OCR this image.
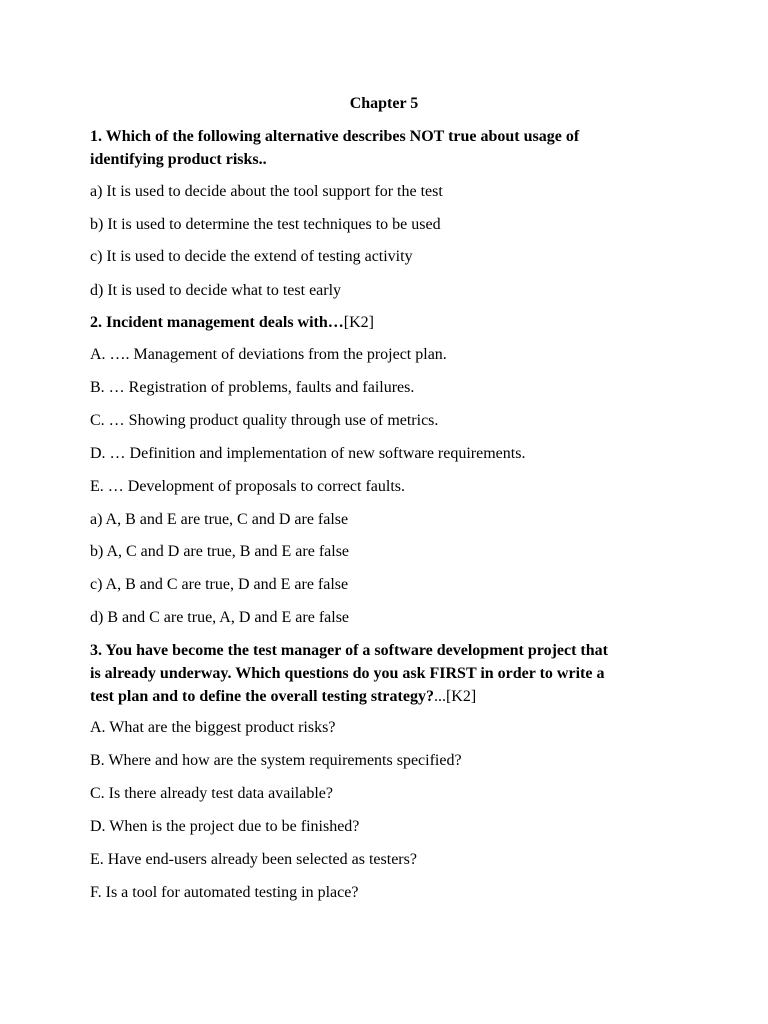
Chapter 5
1. Which of the following alternative describes NOT true about usage of
identifying product risks..
a) It is used to decide about the tool support for the test
b) It is used to determine the test techniques to be used
c) It is used to decide the extend of testing activity
d) It is used to decide what to test early
2. Incident management deals with…[K2]
A. …. Management of deviations from the project plan.
B. … Registration of problems, faults and failures.
C. … Showing product quality through use of metrics.
D. … Definition and implementation of new software requirements.
E. … Development of proposals to correct faults.
a) A, B and E are true, C and D are false
b) A, C and D are true, B and E are false
c) A, B and C are true, D and E are false
d) B and C are true, A, D and E are false
3. You have become the test manager of a software development project that
is already underway. Which questions do you ask FIRST in order to write a
test plan and to define the overall testing strategy?...[K2]
A. What are the biggest product risks?
B. Where and how are the system requirements specified?
C. Is there already test data available?
D. When is the project due to be finished?
E. Have end-users already been selected as testers?
F. Is a tool for automated testing in place?
